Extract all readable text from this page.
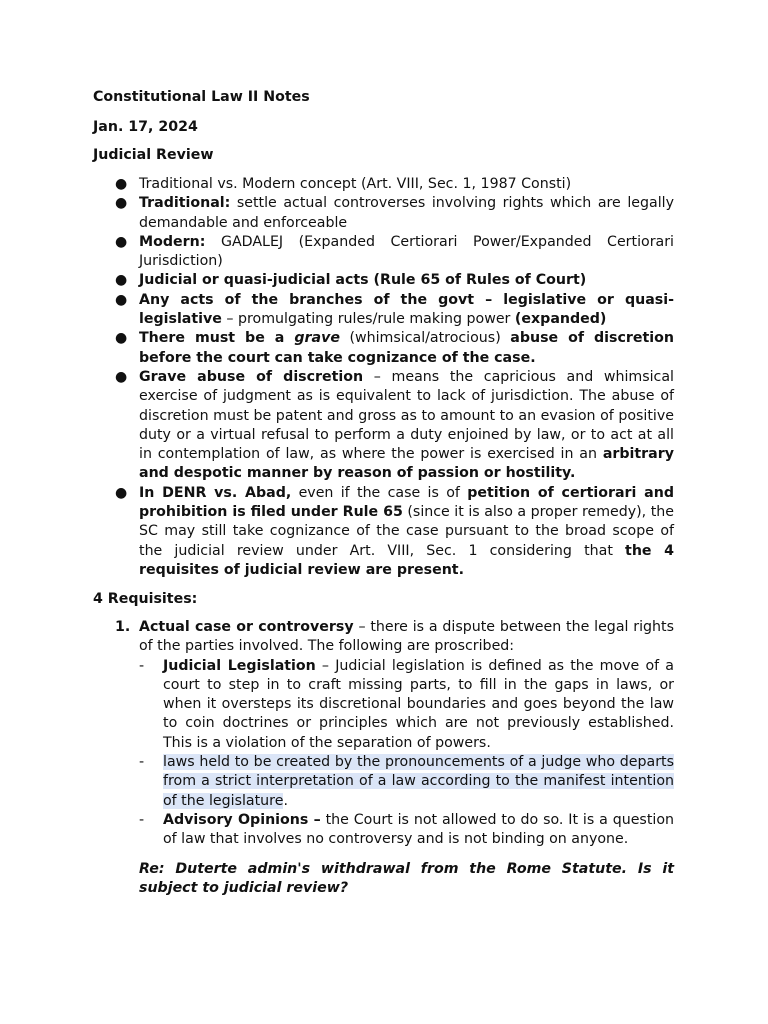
Constitutional Law II Notes
Jan. 17, 2024
Judicial Review
● Traditional vs. Modern concept (Art. VIII, Sec. 1, 1987 Consti)
● Traditional: settle actual controverses involving rights which are legally demandable and enforceable
● Modern: GADALEJ (Expanded Certiorari Power/Expanded Certiorari Jurisdiction)
● Judicial or quasi-judicial acts (Rule 65 of Rules of Court)
● Any acts of the branches of the govt – legislative or quasi-legislative – promulgating rules/rule making power (expanded)
● There must be a grave (whimsical/atrocious) abuse of discretion before the court can take cognizance of the case.
● Grave abuse of discretion – means the capricious and whimsical exercise of judgment as is equivalent to lack of jurisdiction. The abuse of discretion must be patent and gross as to amount to an evasion of positive duty or a virtual refusal to perform a duty enjoined by law, or to act at all in contemplation of law, as where the power is exercised in an arbitrary and despotic manner by reason of passion or hostility.
● In DENR vs. Abad, even if the case is of petition of certiorari and prohibition is filed under Rule 65 (since it is also a proper remedy), the SC may still take cognizance of the case pursuant to the broad scope of the judicial review under Art. VIII, Sec. 1 considering that the 4 requisites of judicial review are present.
4 Requisites:
1. Actual case or controversy – there is a dispute between the legal rights of the parties involved. The following are proscribed:
- Judicial Legislation – Judicial legislation is defined as the move of a court to step in to craft missing parts, to fill in the gaps in laws, or when it oversteps its discretional boundaries and goes beyond the law to coin doctrines or principles which are not previously established. This is a violation of the separation of powers.
- laws held to be created by the pronouncements of a judge who departs from a strict interpretation of a law according to the manifest intention of the legislature.
- Advisory Opinions – the Court is not allowed to do so. It is a question of law that involves no controversy and is not binding on anyone.
Re: Duterte admin's withdrawal from the Rome Statute. Is it subject to judicial review?
